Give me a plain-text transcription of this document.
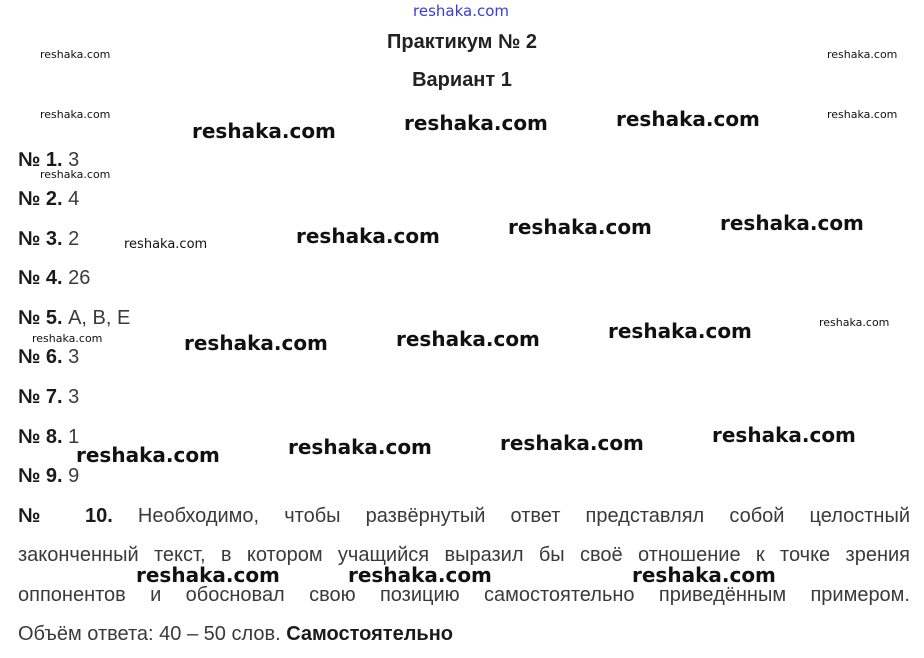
reshaka.com
Практикум № 2
Вариант 1
№ 1. 3
№ 2. 4
№ 3. 2
№ 4. 26
№ 5. А, В, Е
№ 6. 3
№ 7. 3
№ 8. 1
№ 9. 9
№ 10. Необходимо, чтобы развёрнутый ответ представлял собой целостный
законченный текст, в котором учащийся выразил бы своё отношение к точке зрения
оппонентов и обосновал свою позицию самостоятельно приведённым примером.
Объём ответа: 40 – 50 слов. Самостоятельно
reshaka.com	reshaka.com
reshaka.com	reshaka.com
reshaka.com
reshaka.com
reshaka.com
reshaka.com
reshaka.com	reshaka.com	reshaka.com
reshaka.com	reshaka.com	reshaka.com
reshaka.com	reshaka.com	reshaka.com
reshaka.com	reshaka.com	reshaka.com	reshaka.com
reshaka.com	reshaka.com	reshaka.com
